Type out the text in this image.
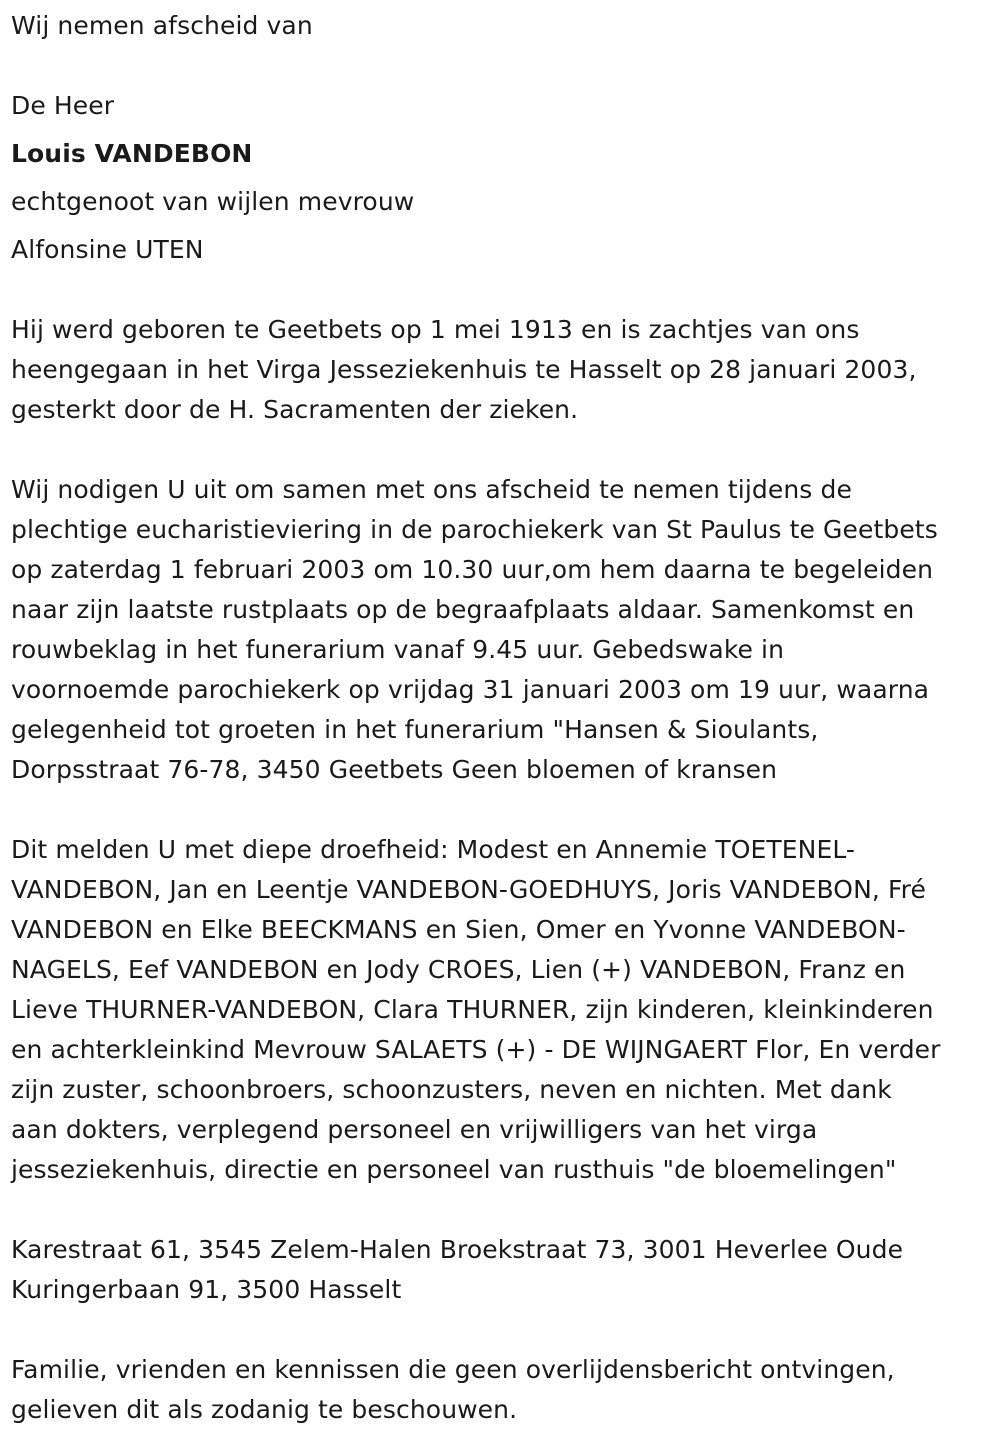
Wij nemen afscheid van
De Heer
Louis VANDEBON
echtgenoot van wijlen mevrouw
Alfonsine UTEN
Hij werd geboren te Geetbets op 1 mei 1913 en is zachtjes van ons
heengegaan in het Virga Jesseziekenhuis te Hasselt op 28 januari 2003,
gesterkt door de H. Sacramenten der zieken.
Wij nodigen U uit om samen met ons afscheid te nemen tijdens de
plechtige eucharistieviering in de parochiekerk van St Paulus te Geetbets
op zaterdag 1 februari 2003 om 10.30 uur,om hem daarna te begeleiden
naar zijn laatste rustplaats op de begraafplaats aldaar. Samenkomst en
rouwbeklag in het funerarium vanaf 9.45 uur. Gebedswake in
voornoemde parochiekerk op vrijdag 31 januari 2003 om 19 uur, waarna
gelegenheid tot groeten in het funerarium "Hansen & Sioulants,
Dorpsstraat 76-78, 3450 Geetbets Geen bloemen of kransen
Dit melden U met diepe droefheid: Modest en Annemie TOETENEL-
VANDEBON, Jan en Leentje VANDEBON-GOEDHUYS, Joris VANDEBON, Fré
VANDEBON en Elke BEECKMANS en Sien, Omer en Yvonne VANDEBON-
NAGELS, Eef VANDEBON en Jody CROES, Lien (+) VANDEBON, Franz en
Lieve THURNER-VANDEBON, Clara THURNER, zijn kinderen, kleinkinderen
en achterkleinkind Mevrouw SALAETS (+) - DE WIJNGAERT Flor, En verder
zijn zuster, schoonbroers, schoonzusters, neven en nichten. Met dank
aan dokters, verplegend personeel en vrijwilligers van het virga
jesseziekenhuis, directie en personeel van rusthuis "de bloemelingen"
Karestraat 61, 3545 Zelem-Halen Broekstraat 73, 3001 Heverlee Oude
Kuringerbaan 91, 3500 Hasselt
Familie, vrienden en kennissen die geen overlijdensbericht ontvingen,
gelieven dit als zodanig te beschouwen.
